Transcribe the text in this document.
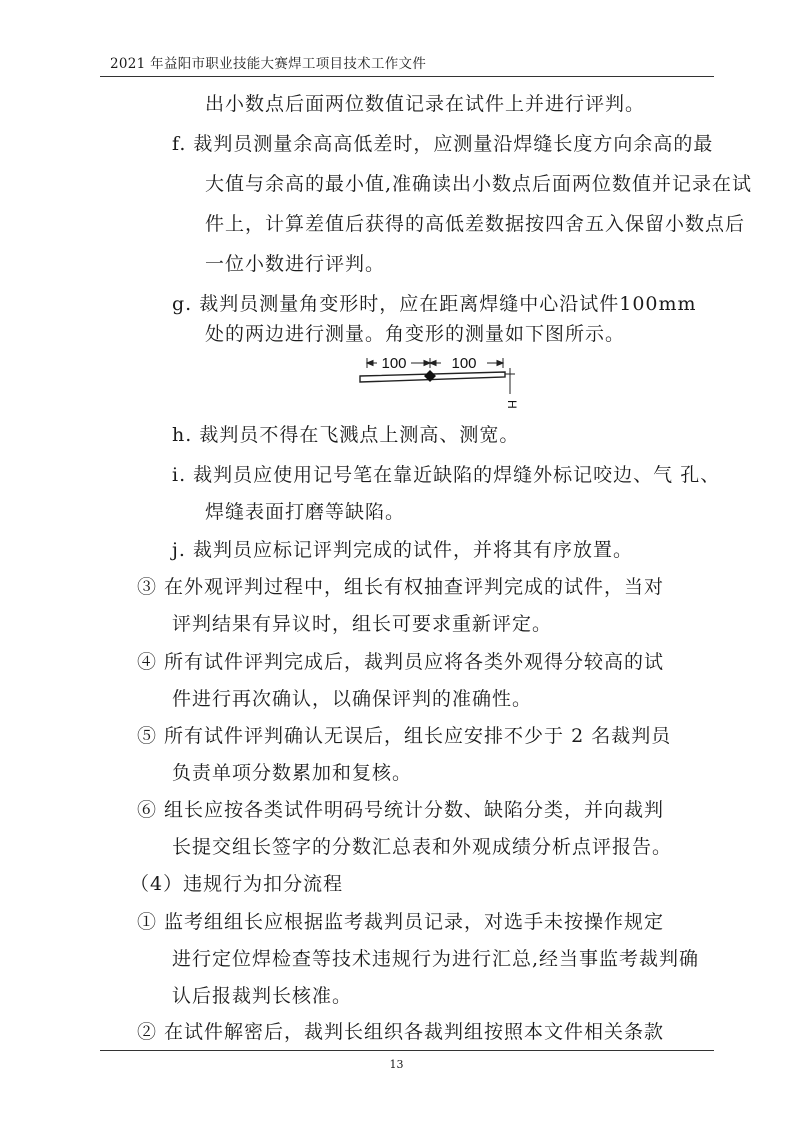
2021 年益阳市职业技能大赛焊工项目技术工作文件
出小数点后面两位数值记录在试件上并进行评判。
f. 裁判员测量余高高低差时，应测量沿焊缝长度方向余高的最
大值与余高的最小值,准确读出小数点后面两位数值并记录在试
件上，计算差值后获得的高低差数据按四舍五入保留小数点后
一位小数进行评判。
g. 裁判员测量角变形时，应在距离焊缝中心沿试件100mm
处的两边进行测量。角变形的测量如下图所示。
100	100
H
h. 裁判员不得在飞溅点上测高、测宽。
i. 裁判员应使用记号笔在靠近缺陷的焊缝外标记咬边、气 孔、
焊缝表面打磨等缺陷。
j. 裁判员应标记评判完成的试件，并将其有序放置。
③ 在外观评判过程中，组长有权抽查评判完成的试件，当对
评判结果有异议时，组长可要求重新评定。
④ 所有试件评判完成后，裁判员应将各类外观得分较高的试
件进行再次确认，以确保评判的准确性。
⑤ 所有试件评判确认无误后，组长应安排不少于 2 名裁判员
负责单项分数累加和复核。
⑥ 组长应按各类试件明码号统计分数、缺陷分类，并向裁判
长提交组长签字的分数汇总表和外观成绩分析点评报告。
（4）违规行为扣分流程
① 监考组组长应根据监考裁判员记录，对选手未按操作规定
进行定位焊检查等技术违规行为进行汇总,经当事监考裁判确
认后报裁判长核准。
② 在试件解密后，裁判长组织各裁判组按照本文件相关条款
13
